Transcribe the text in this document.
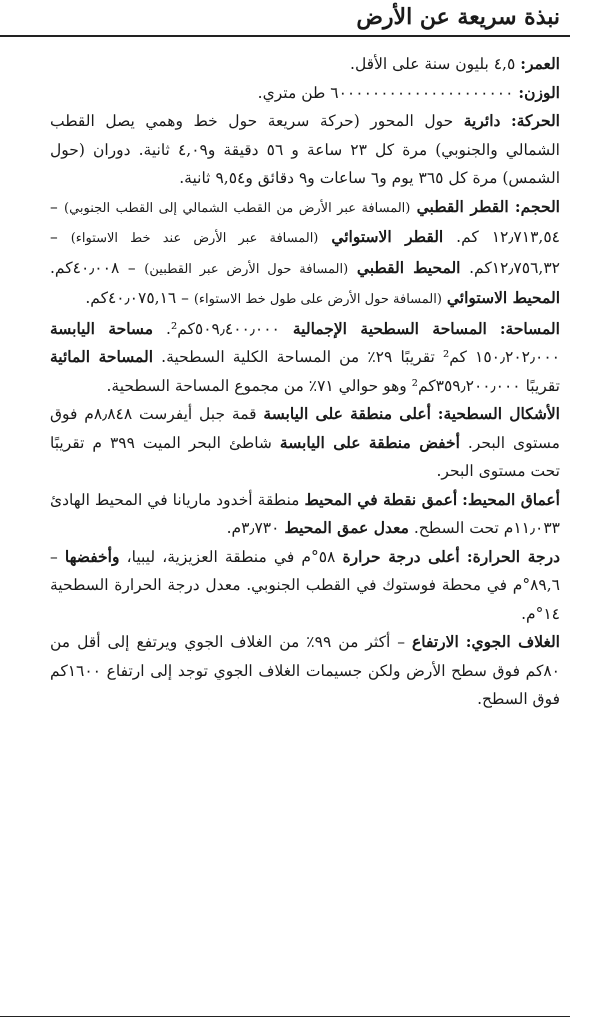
نبذة سريعة عن الأرض

العمر: ٤,٥ بليون سنة على الأقل.

الوزن: ٦٠٠٠٠٠٠٠٠٠٠٠٠٠٠٠٠٠٠٠٠٠ طن متري.

الحركة: دائرية حول المحور (حركة سريعة حول خط وهمي يصل القطب الشمالي والجنوبي) مرة كل ٢٣ ساعة و ٥٦ دقيقة و٤,٠٩ ثانية. دوران (حول الشمس) مرة كل ٣٦٥ يوم و٦ ساعات و٩ دقائق و٩,٥٤ ثانية.

الحجم: القطر القطبي (المسافة عبر الأرض من القطب الشمالي إلى القطب الجنوبي) – ١٢٫٧١٣,٥٤ كم. القطر الاستوائي (المسافة عبر الأرض عند خط الاستواء) – ١٢٫٧٥٦,٣٢كم. المحيط القطبي (المسافة حول الأرض عبر القطبين) – ٤٠٫٠٠٨كم. المحيط الاستوائي (المسافة حول الأرض على طول خط الاستواء) – ٤٠٫٠٧٥,١٦كم.

المساحة: المساحة السطحية الإجمالية ٥٠٩٫٤٠٠٫٠٠٠كم². مساحة اليابسة ١٥٠٫٢٠٢٫٠٠٠ كم² تقريبًا ٢٩٪ من المساحة الكلية السطحية. المساحة المائية تقريبًا ٣٥٩٫٢٠٠٫٠٠٠كم² وهو حوالي ٧١٪ من مجموع المساحة السطحية.

الأشكال السطحية: أعلى منطقة على اليابسة قمة جبل أيفرست ٨٫٨٤٨م فوق مستوى البحر. أخفض منطقة على اليابسة شاطئ البحر الميت ٣٩٩ م تقريبًا تحت مستوى البحر.

أعماق المحيط: أعمق نقطة في المحيط منطقة أخدود ماريانا في المحيط الهادئ ١١٫٠٣٣م تحت السطح. معدل عمق المحيط ٣٫٧٣٠م.

درجة الحرارة: أعلى درجة حرارة ٥٨°م في منطقة العزيزية، ليبيا، وأخفضها –٨٩,٦°م في محطة فوستوك في القطب الجنوبي. معدل درجة الحرارة السطحية ١٤°م.

الغلاف الجوي: الارتفاع – أكثر من ٩٩٪ من الغلاف الجوي ويرتفع إلى أقل من ٨٠كم فوق سطح الأرض ولكن جسيمات الغلاف الجوي توجد إلى ارتفاع ١٦٠٠كم فوق السطح.
